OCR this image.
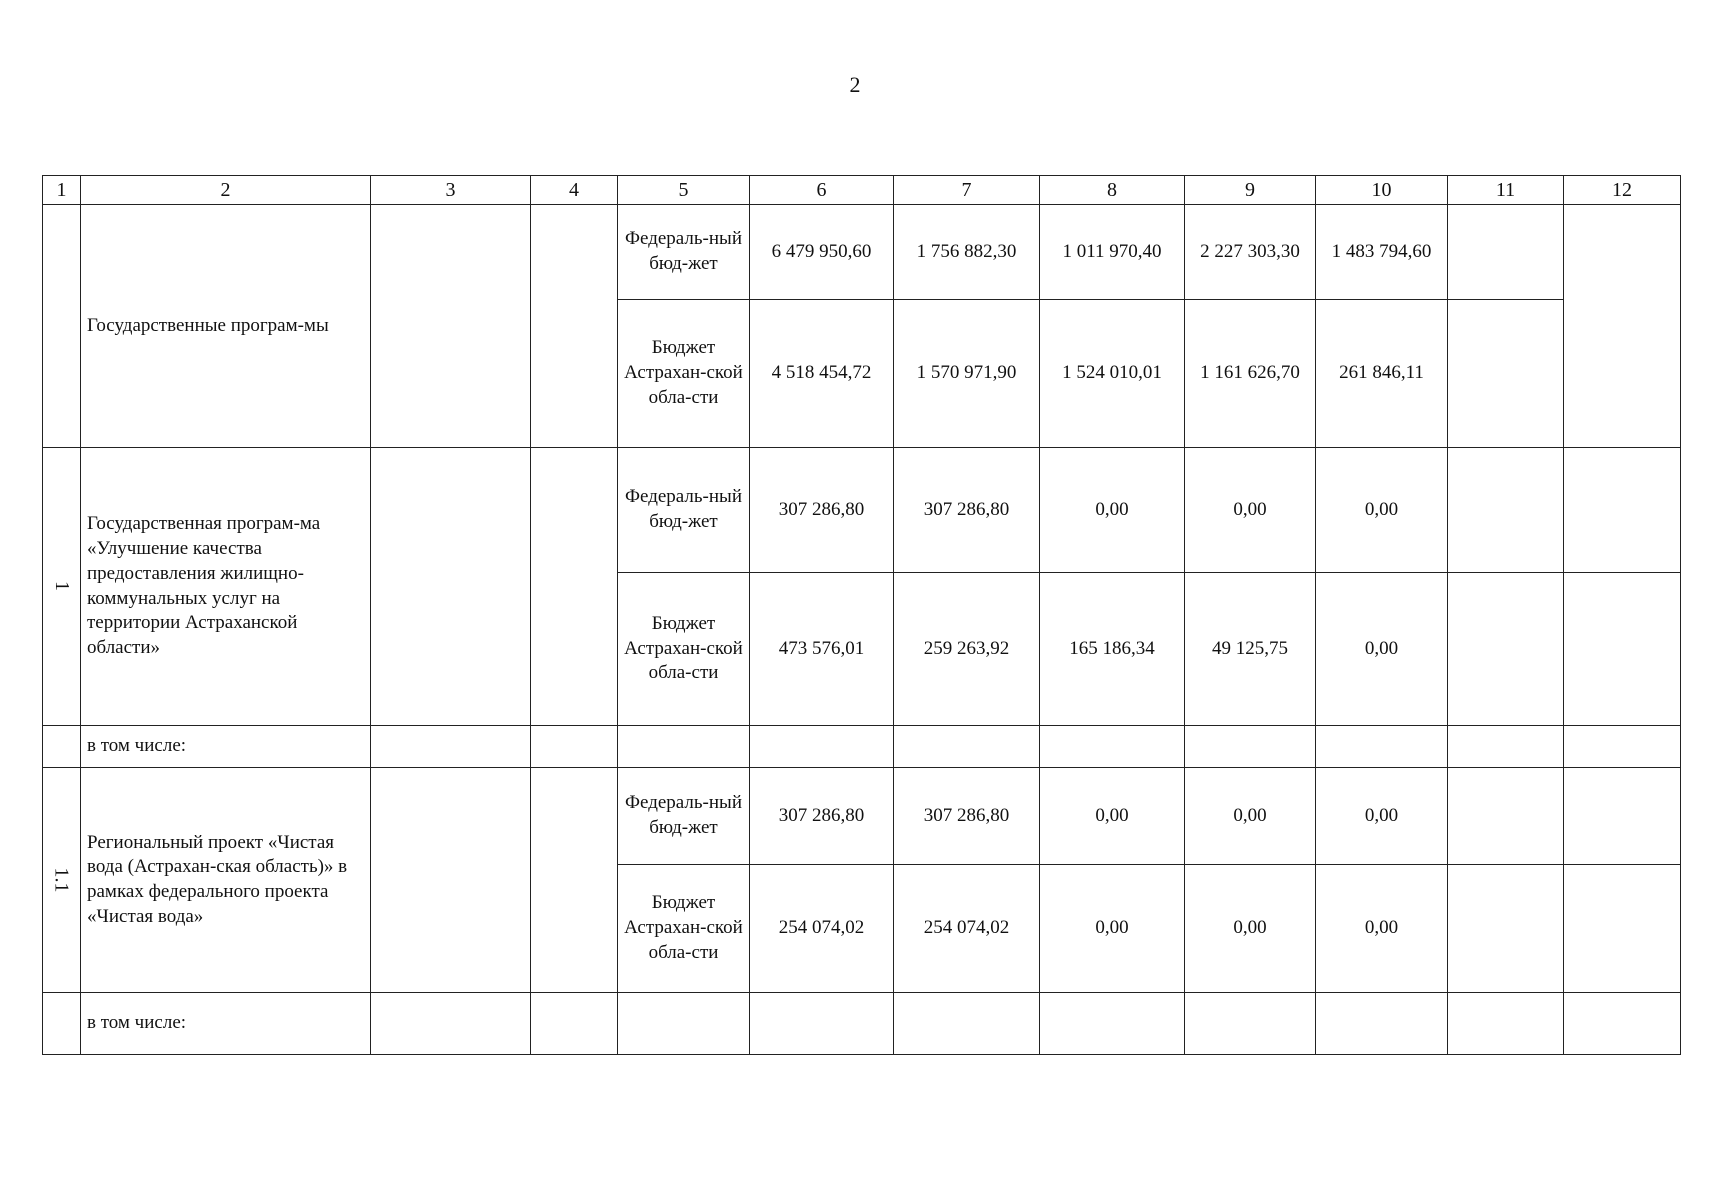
2
1	2	3	4	5	6	7	8	9	10	11	12
	Государственные програм-мы			Федераль-ный бюд-жет	6 479 950,60	1 756 882,30	1 011 970,40	2 227 303,30	1 483 794,60		
				Бюджет Астрахан-ской обла-сти	4 518 454,72	1 570 971,90	1 524 010,01	1 161 626,70	261 846,11		
1	Государственная програм-ма «Улучшение качества предоставления жилищно-коммунальных услуг на территории Астраханской области»			Федераль-ный бюд-жет	307 286,80	307 286,80	0,00	0,00	0,00		
				Бюджет Астрахан-ской обла-сти	473 576,01	259 263,92	165 186,34	49 125,75	0,00		
	в том числе:										
1.1	Региональный проект «Чистая вода (Астрахан-ская область)» в рамках федерального проекта «Чистая вода»			Федераль-ный бюд-жет	307 286,80	307 286,80	0,00	0,00	0,00		
				Бюджет Астрахан-ской обла-сти	254 074,02	254 074,02	0,00	0,00	0,00		
	в том числе:										
